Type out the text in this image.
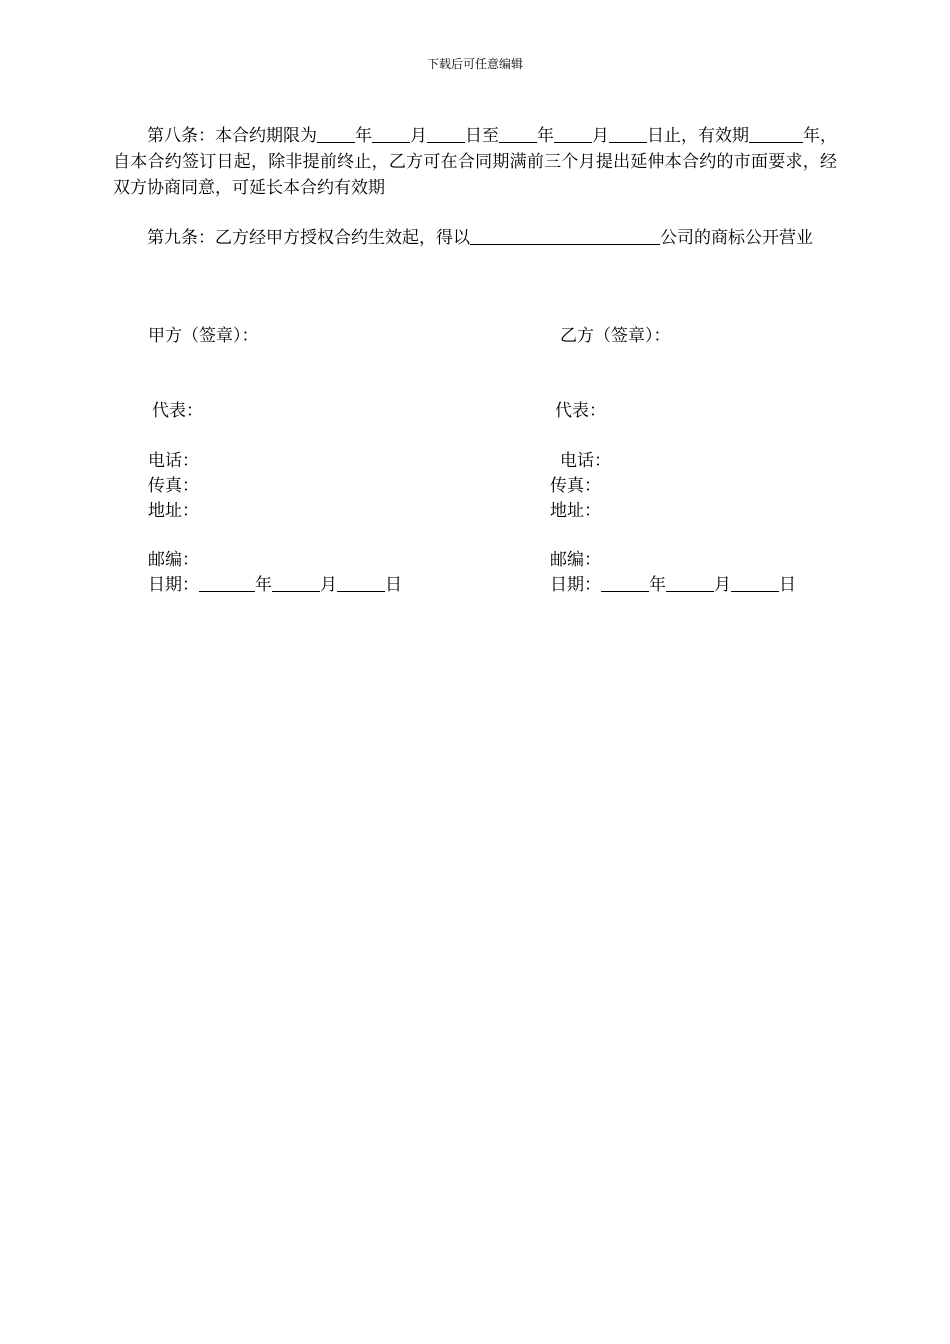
下载后可任意编辑
第八条：本合约期限为 年 月 日至 年 月 日止，有效期	年，自本合约签订日起，除非提前终止，乙方可在合同期满前三个月提出延伸本合约的市面要求，经双方协商同意，可延长本合约有效期
第九条：乙方经甲方授权合约生效起，得以	公司的商标公开营业
甲方（签章）：
代表：
电话：
传真：
地址：
邮编：
日期：	年	月	日
乙方（签章）：
代表：
电话：
传真：
地址：
邮编：
日期：	年	月	日
